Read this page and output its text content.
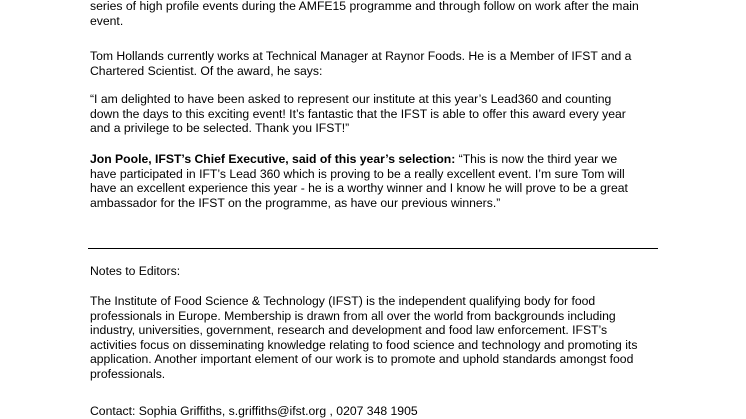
series of high profile events during the AMFE15 programme and through follow on work after the main
event.

Tom Hollands currently works at Technical Manager at Raynor Foods. He is a Member of IFST and a
Chartered Scientist. Of the award, he says:

“I am delighted to have been asked to represent our institute at this year’s Lead360 and counting
down the days to this exciting event! It’s fantastic that the IFST is able to offer this award every year
and a privilege to be selected. Thank you IFST!”

Jon Poole, IFST’s Chief Executive, said of this year’s selection: “This is now the third year we
have participated in IFT’s Lead 360 which is proving to be a really excellent event. I’m sure Tom will
have an excellent experience this year - he is a worthy winner and I know he will prove to be a great
ambassador for the IFST on the programme, as have our previous winners.”

Notes to Editors:

The Institute of Food Science & Technology (IFST) is the independent qualifying body for food
professionals in Europe. Membership is drawn from all over the world from backgrounds including
industry, universities, government, research and development and food law enforcement. IFST’s
activities focus on disseminating knowledge relating to food science and technology and promoting its
application. Another important element of our work is to promote and uphold standards amongst food
professionals.

Contact: Sophia Griffiths, s.griffiths@ifst.org , 0207 348 1905
